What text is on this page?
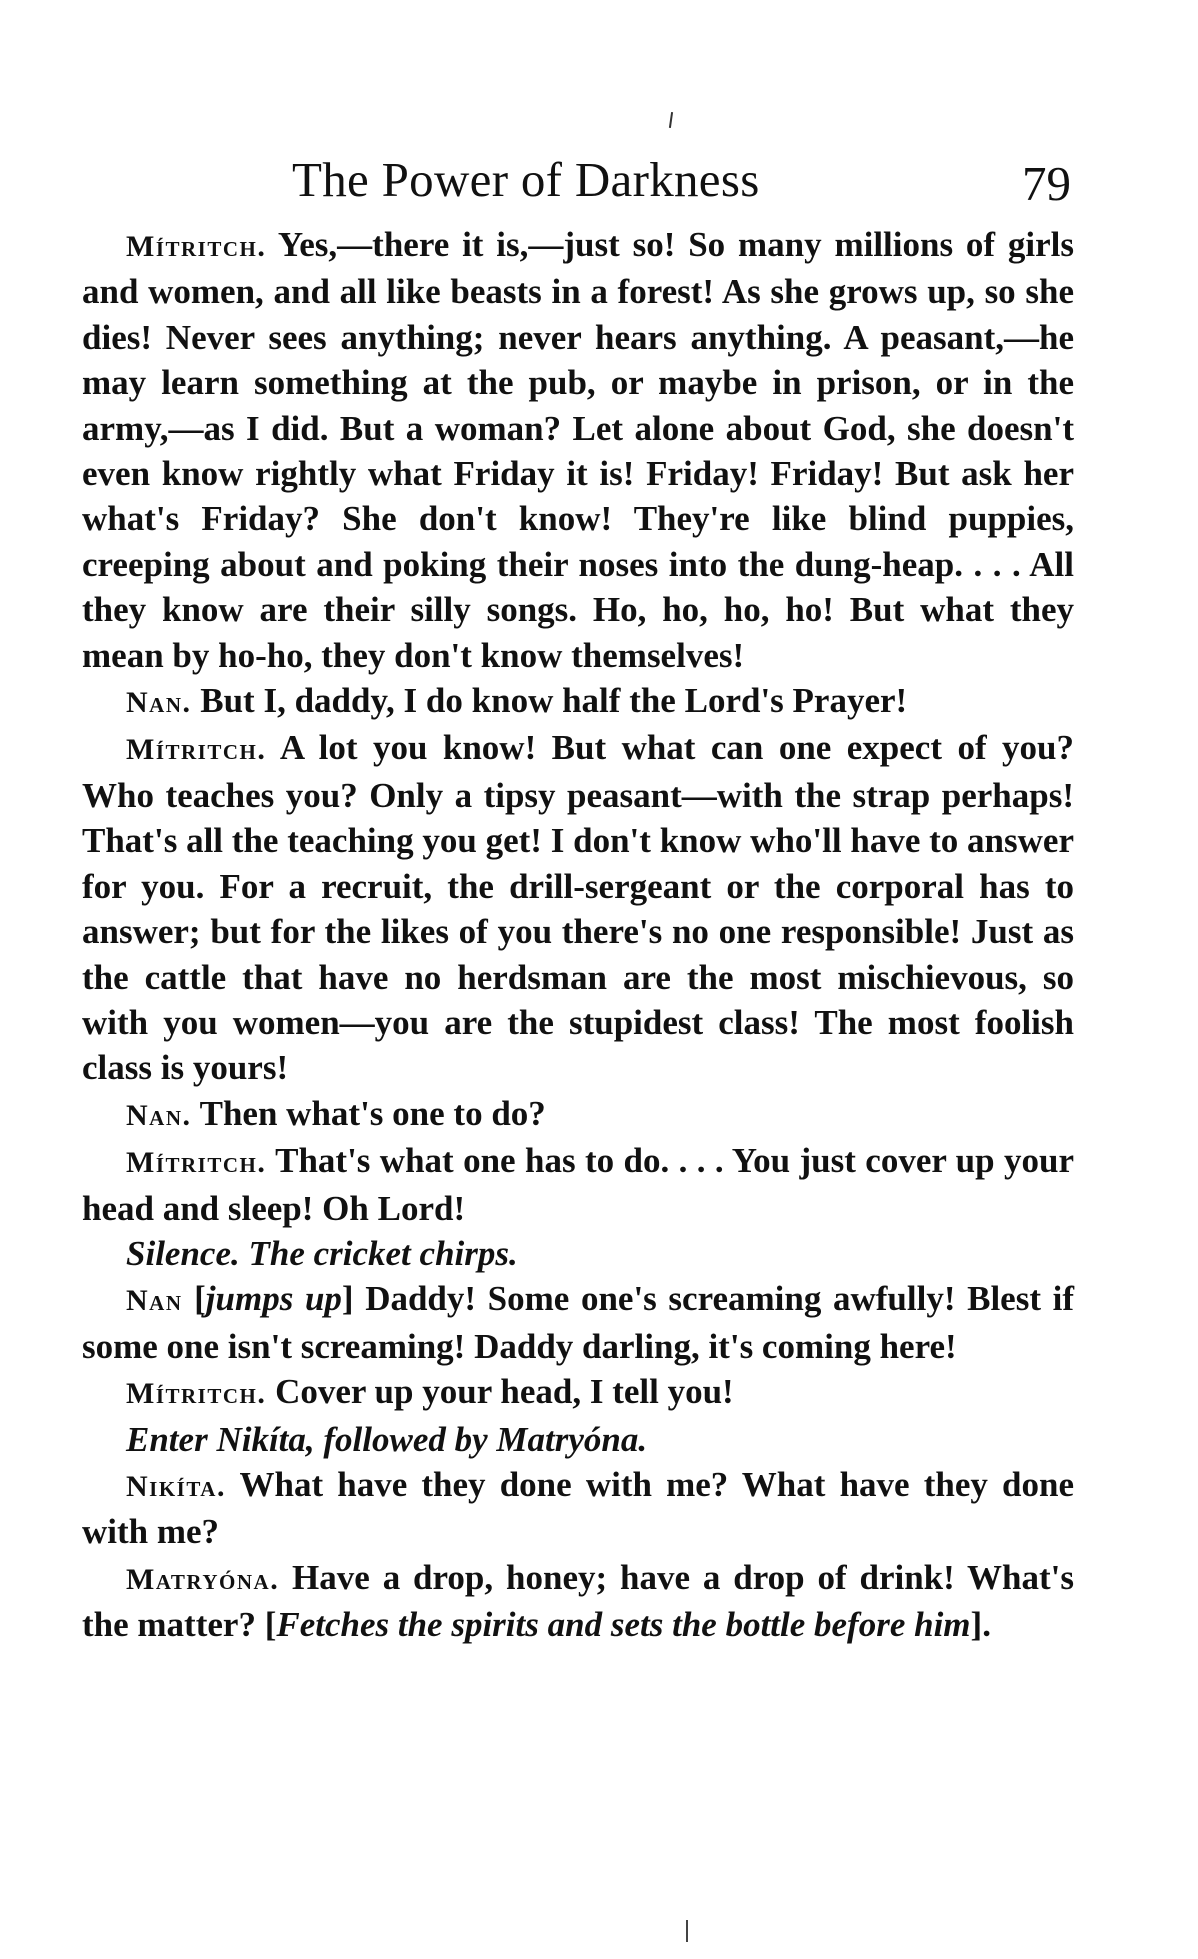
The Power of Darkness	79

Mítritch. Yes,—there it is,—just so! So many millions of girls and women, and all like beasts in a forest! As she grows up, so she dies! Never sees anything; never hears anything. A peasant,—he may learn something at the pub, or maybe in prison, or in the army,—as I did. But a woman? Let alone about God, she doesn't even know rightly what Friday it is! Friday! Friday! But ask her what's Friday? She don't know! They're like blind puppies, creeping about and poking their noses into the dung-heap. . . . All they know are their silly songs. Ho, ho, ho, ho! But what they mean by ho-ho, they don't know themselves!

Nan. But I, daddy, I do know half the Lord's Prayer!

Mítritch. A lot you know! But what can one expect of you? Who teaches you? Only a tipsy peasant—with the strap perhaps! That's all the teaching you get! I don't know who'll have to answer for you. For a recruit, the drill-sergeant or the corporal has to answer; but for the likes of you there's no one responsible! Just as the cattle that have no herdsman are the most mischievous, so with you women—you are the stupidest class! The most foolish class is yours!

Nan. Then what's one to do?

Mítritch. That's what one has to do. . . . You just cover up your head and sleep! Oh Lord!

Silence. The cricket chirps.

Nan [jumps up] Daddy! Some one's screaming awfully! Blest if some one isn't screaming! Daddy darling, it's coming here!

Mítritch. Cover up your head, I tell you!

Enter Nikíta, followed by Matryóna.

Nikíta. What have they done with me? What have they done with me?

Matryóna. Have a drop, honey; have a drop of drink! What's the matter? [Fetches the spirits and sets the bottle before him].
